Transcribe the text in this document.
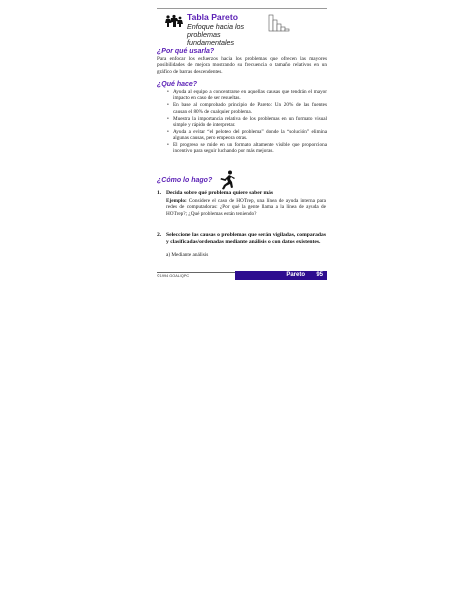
Tabla Pareto
Enfoque hacia los problemas fundamentales
¿Por qué usarla?
Para enfocar los esfuerzos hacia los problemas que ofrecen las mayores posibilidades de mejora mostrando su frecuencia o tamaño relativos en un gráfico de barras descendentes.
¿Qué hace?
• Ayuda al equipo a concentrarse en aquellas causas que tendrán el mayor impacto en caso de ser resueltas.
• En base al comprobado principio de Pareto: Un 20% de las fuentes causan el 80% de cualquier problema.
• Muestra la importancia relativa de los problemas en un formato visual simple y rápido de interpretar.
• Ayuda a evitar “el peloteo del problema” donde la “solución” elimina algunas causas, pero empeora otras.
• El progreso se mide en un formato altamente visible que proporciona incentivo para seguir luchando por más mejoras.
¿Cómo lo hago?
1. Decida sobre qué problema quiere saber más
Ejemplo: Considere el caso de HOTrep, una línea de ayuda interna para redes de computadoras: ¿Por qué la gente llama a la línea de ayuda de HOTrep?; ¿Qué problemas están teniendo?
2. Seleccione las causas o problemas que serán vigiladas, comparadas y clasificadas/ordenadas mediante análisis o con datos existentes.
a) Mediante análisis
©1994 GOAL/QPC	Pareto 95
